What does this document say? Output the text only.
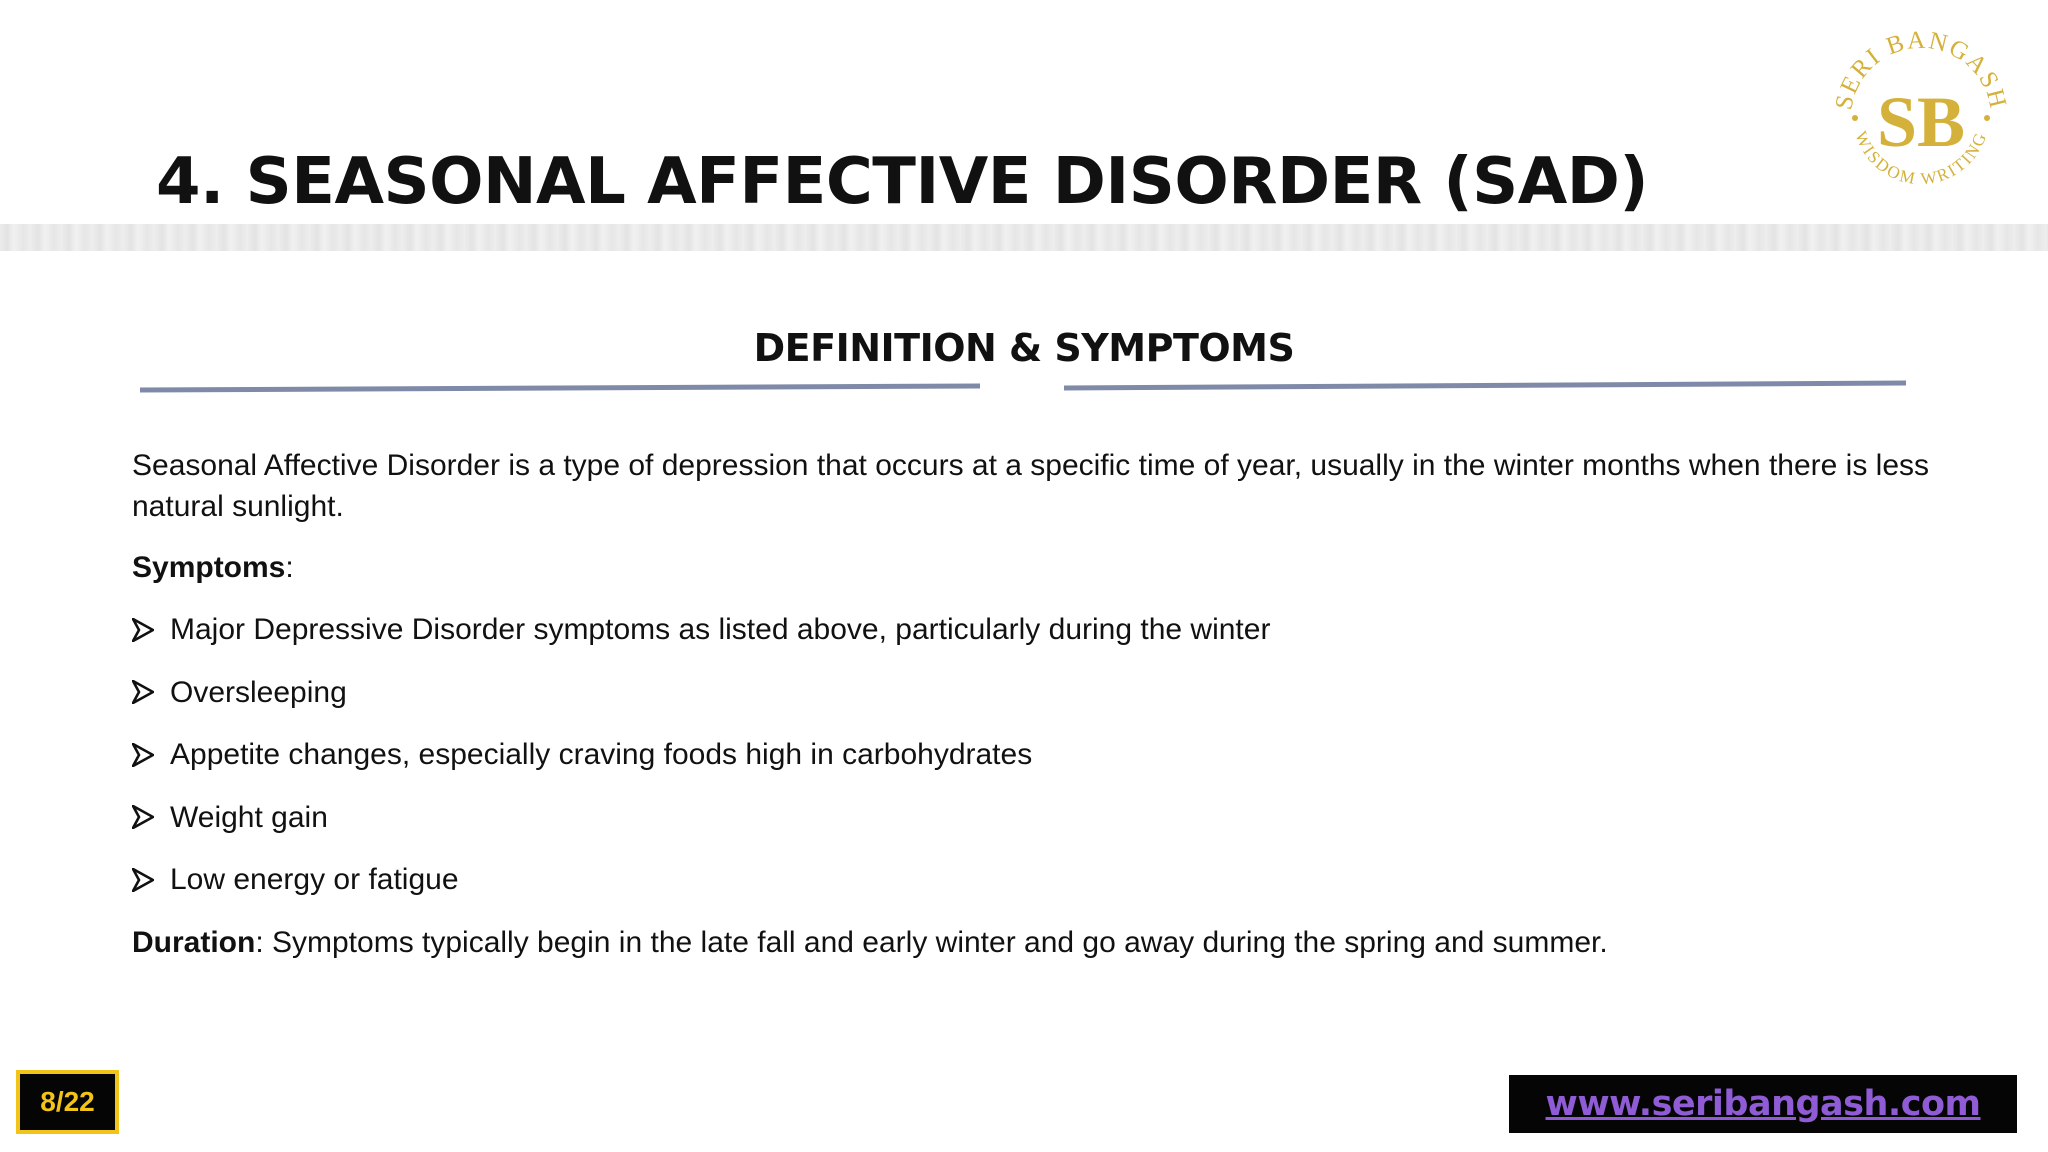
4. SEASONAL AFFECTIVE DISORDER (SAD)
SERI BANGASH
WISDOM WRITING
SB
DEFINITION & SYMPTOMS

Seasonal Affective Disorder is a type of depression that occurs at a specific time of year, usually in the winter months when there is less natural sunlight.

Symptoms:

Major Depressive Disorder symptoms as listed above, particularly during the winter
Oversleeping
Appetite changes, especially craving foods high in carbohydrates
Weight gain
Low energy or fatigue

Duration: Symptoms typically begin in the late fall and early winter and go away during the spring and summer.

8/22	www.seribangash.com
